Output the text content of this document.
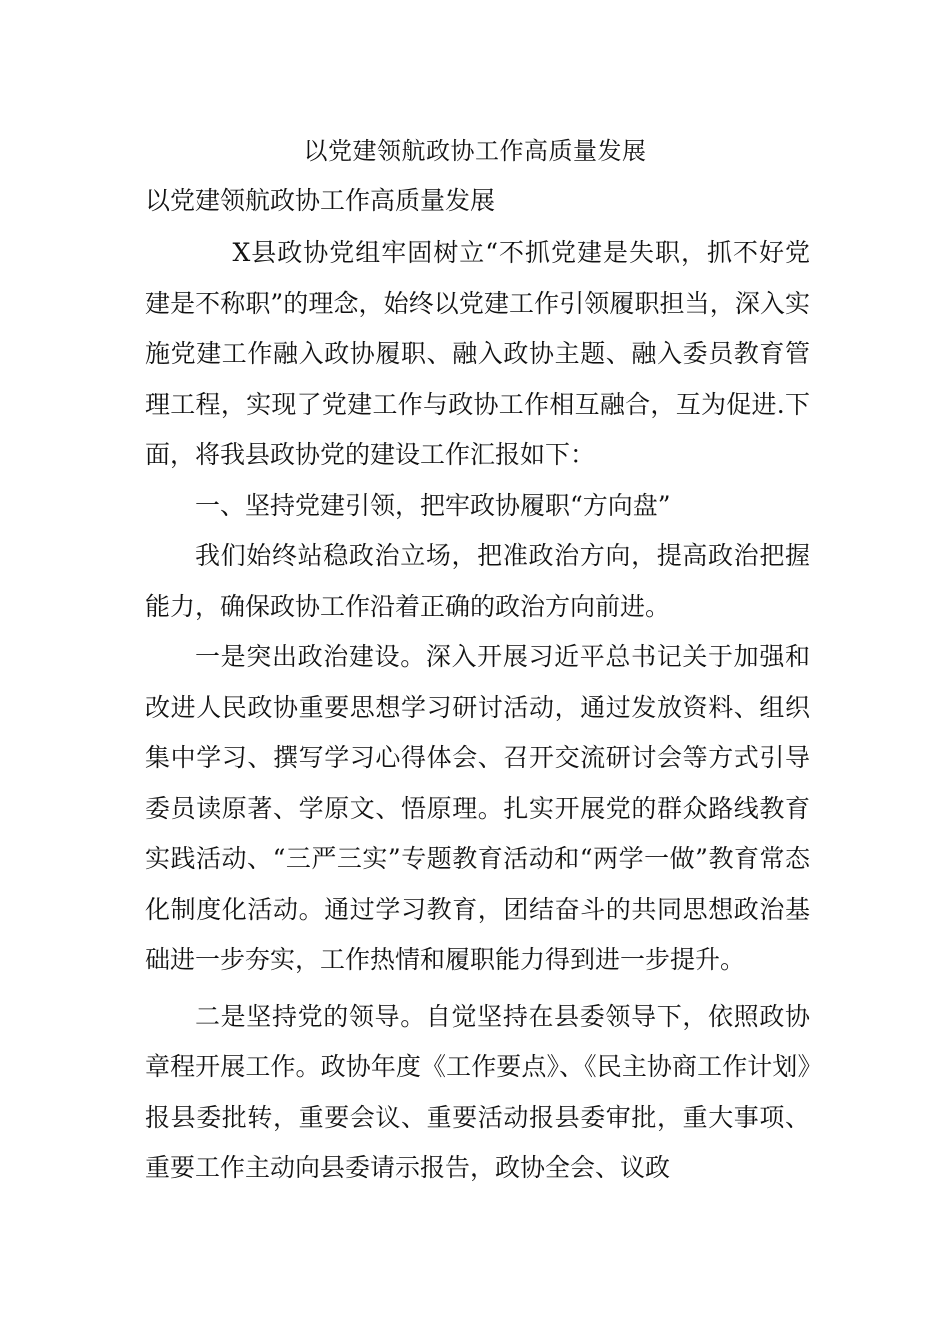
以党建领航政协工作高质量发展
以党建领航政协工作高质量发展

X县政协党组牢固树立“不抓党建是失职，抓不好党建是不称职”的理念，始终以党建工作引领履职担当，深入实施党建工作融入政协履职、融入政协主题、融入委员教育管理工程，实现了党建工作与政协工作相互融合，互为促进.下面，将我县政协党的建设工作汇报如下：

一、坚持党建引领，把牢政协履职“方向盘”

我们始终站稳政治立场，把准政治方向，提高政治把握能力，确保政协工作沿着正确的政治方向前进。

一是突出政治建设。深入开展习近平总书记关于加强和改进人民政协重要思想学习研讨活动，通过发放资料、组织集中学习、撰写学习心得体会、召开交流研讨会等方式引导委员读原著、学原文、悟原理。扎实开展党的群众路线教育实践活动、“三严三实”专题教育活动和“两学一做”教育常态化制度化活动。通过学习教育，团结奋斗的共同思想政治基础进一步夯实，工作热情和履职能力得到进一步提升。

二是坚持党的领导。自觉坚持在县委领导下，依照政协章程开展工作。政协年度《工作要点》、《民主协商工作计划》报县委批转，重要会议、重要活动报县委审批，重大事项、重要工作主动向县委请示报告，政协全会、议政
